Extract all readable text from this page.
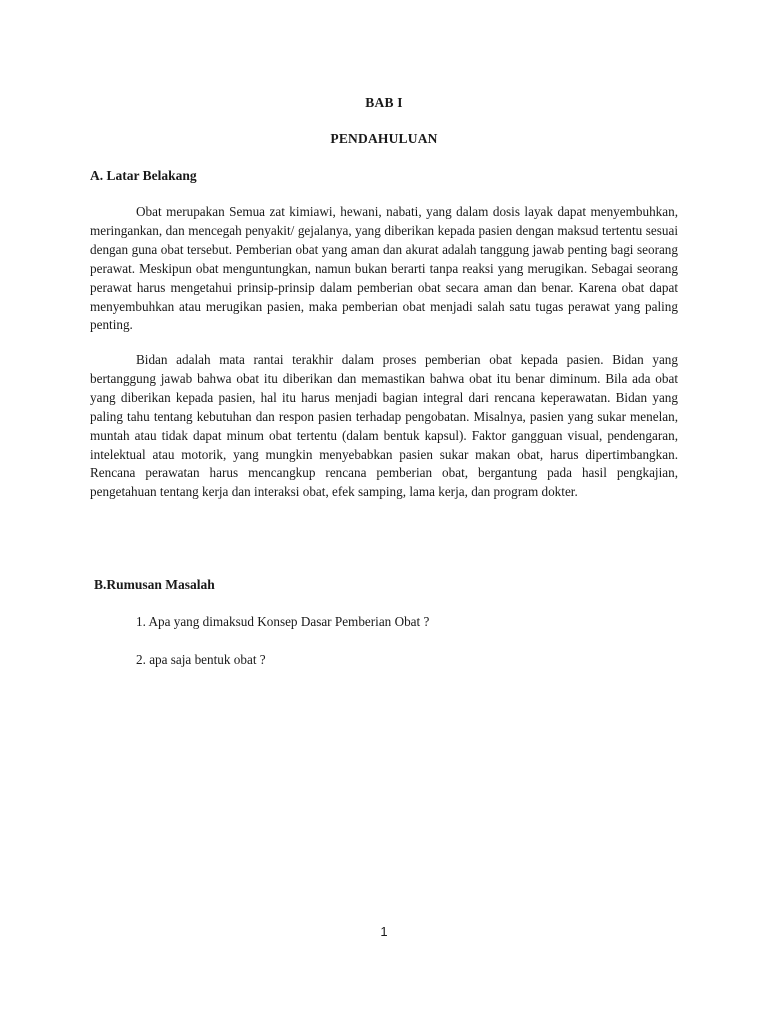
BAB I
PENDAHULUAN
A. Latar Belakang

Obat merupakan Semua zat kimiawi, hewani, nabati, yang dalam dosis layak dapat menyembuhkan, meringankan, dan mencegah penyakit/ gejalanya, yang diberikan kepada pasien dengan maksud tertentu sesuai dengan guna obat tersebut. Pemberian obat yang aman dan akurat adalah tanggung jawab penting bagi seorang perawat. Meskipun obat menguntungkan, namun bukan berarti tanpa reaksi yang merugikan. Sebagai seorang perawat harus mengetahui prinsip-prinsip dalam pemberian obat secara aman dan benar. Karena obat dapat menyembuhkan atau merugikan pasien, maka pemberian obat menjadi salah satu tugas perawat yang paling penting.

Bidan adalah mata rantai terakhir dalam proses pemberian obat kepada pasien. Bidan yang bertanggung jawab bahwa obat itu diberikan dan memastikan bahwa obat itu benar diminum. Bila ada obat yang diberikan kepada pasien, hal itu harus menjadi bagian integral dari rencana keperawatan. Bidan yang paling tahu tentang kebutuhan dan respon pasien terhadap pengobatan. Misalnya, pasien yang sukar menelan, muntah atau tidak dapat minum obat tertentu (dalam bentuk kapsul). Faktor gangguan visual, pendengaran, intelektual atau motorik, yang mungkin menyebabkan pasien sukar makan obat, harus dipertimbangkan. Rencana perawatan harus mencangkup rencana pemberian obat, bergantung pada hasil pengkajian, pengetahuan tentang kerja dan interaksi obat, efek samping, lama kerja, dan program dokter.

B.Rumusan Masalah
1. Apa yang dimaksud Konsep Dasar Pemberian Obat ?
2. apa saja bentuk obat ?
1
